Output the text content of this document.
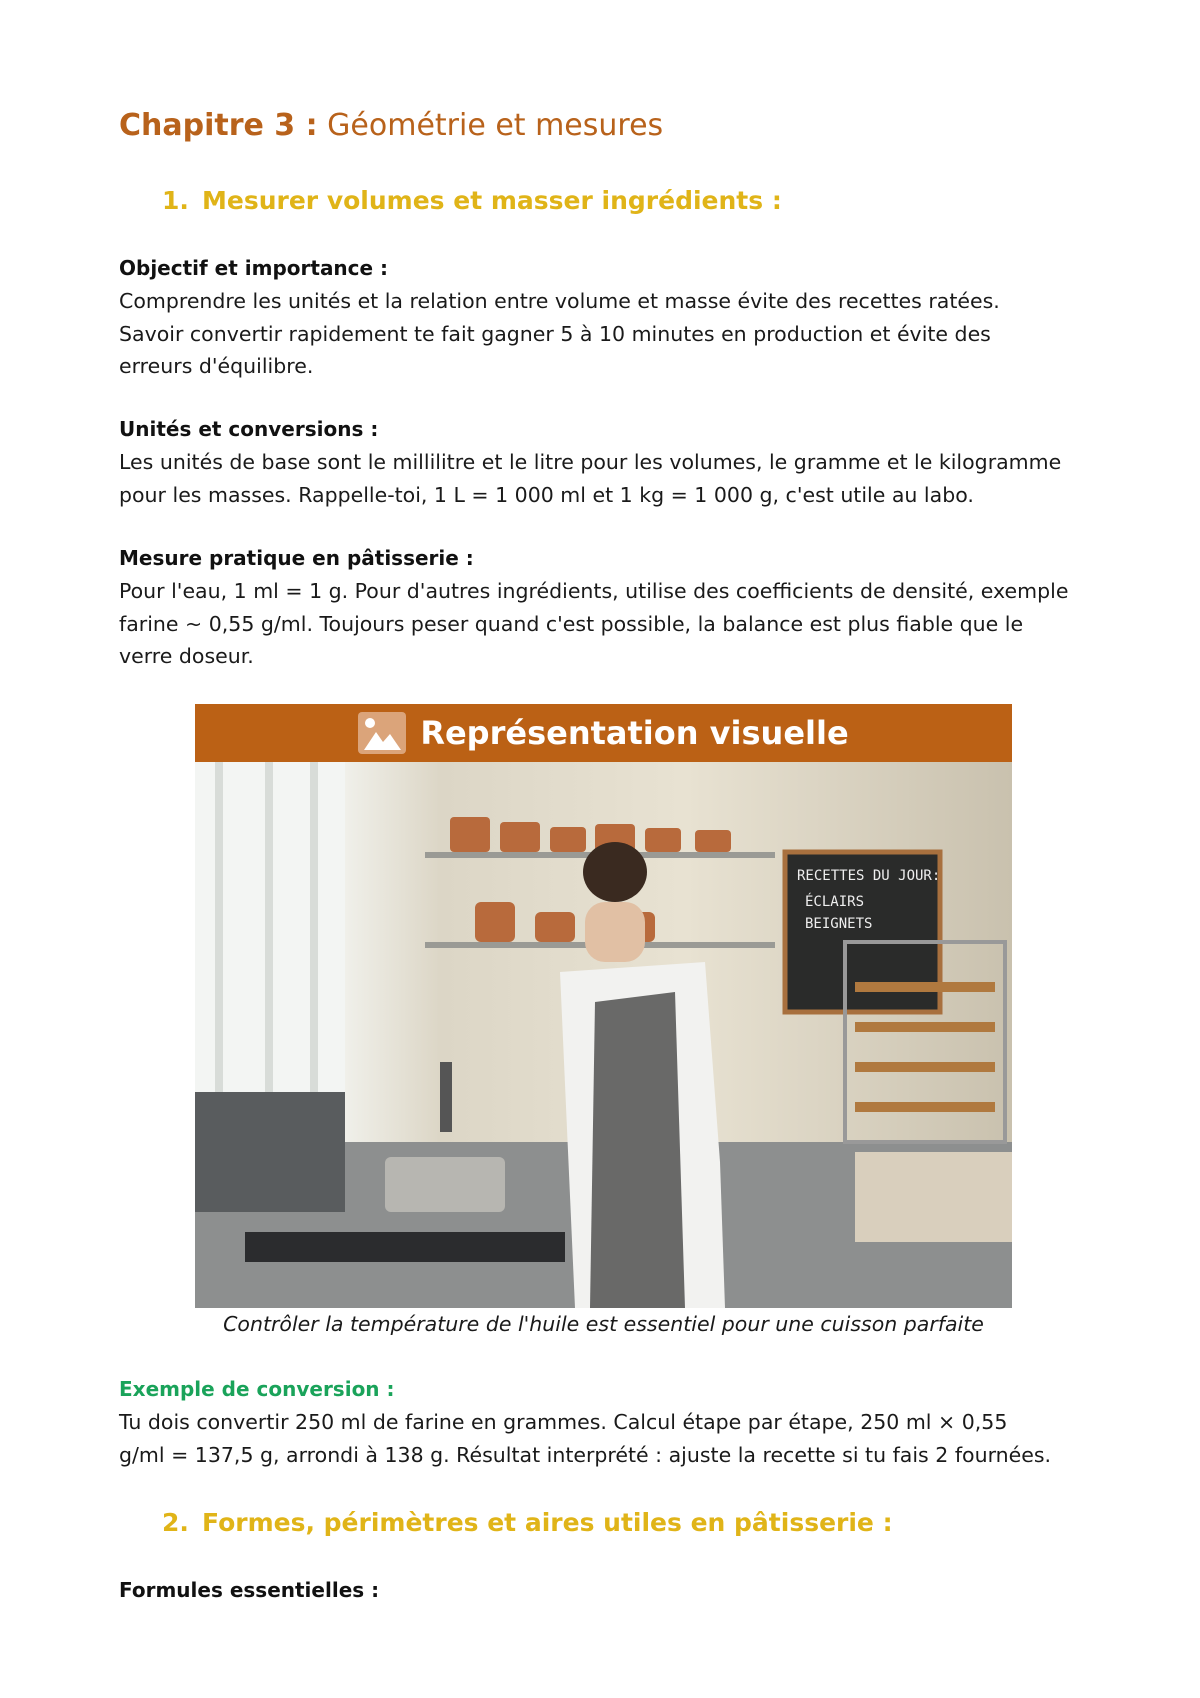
Chapitre 3 : Géométrie et mesures
1. Mesurer volumes et masser ingrédients :
Objectif et importance :
Comprendre les unités et la relation entre volume et masse évite des recettes ratées.
Savoir convertir rapidement te fait gagner 5 à 10 minutes en production et évite des
erreurs d'équilibre.
Unités et conversions :
Les unités de base sont le millilitre et le litre pour les volumes, le gramme et le kilogramme
pour les masses. Rappelle-toi, 1 L = 1 000 ml et 1 kg = 1 000 g, c'est utile au labo.
Mesure pratique en pâtisserie :
Pour l'eau, 1 ml = 1 g. Pour d'autres ingrédients, utilise des coefficients de densité, exemple
farine ~ 0,55 g/ml. Toujours peser quand c'est possible, la balance est plus fiable que le
verre doseur.
Représentation visuelle
RECETTES DU JOUR:
ÉCLAIRS
BEIGNETS
Contrôler la température de l'huile est essentiel pour une cuisson parfaite
Exemple de conversion :
Tu dois convertir 250 ml de farine en grammes. Calcul étape par étape, 250 ml × 0,55
g/ml = 137,5 g, arrondi à 138 g. Résultat interprété : ajuste la recette si tu fais 2 fournées.
2. Formes, périmètres et aires utiles en pâtisserie :
Formules essentielles :
